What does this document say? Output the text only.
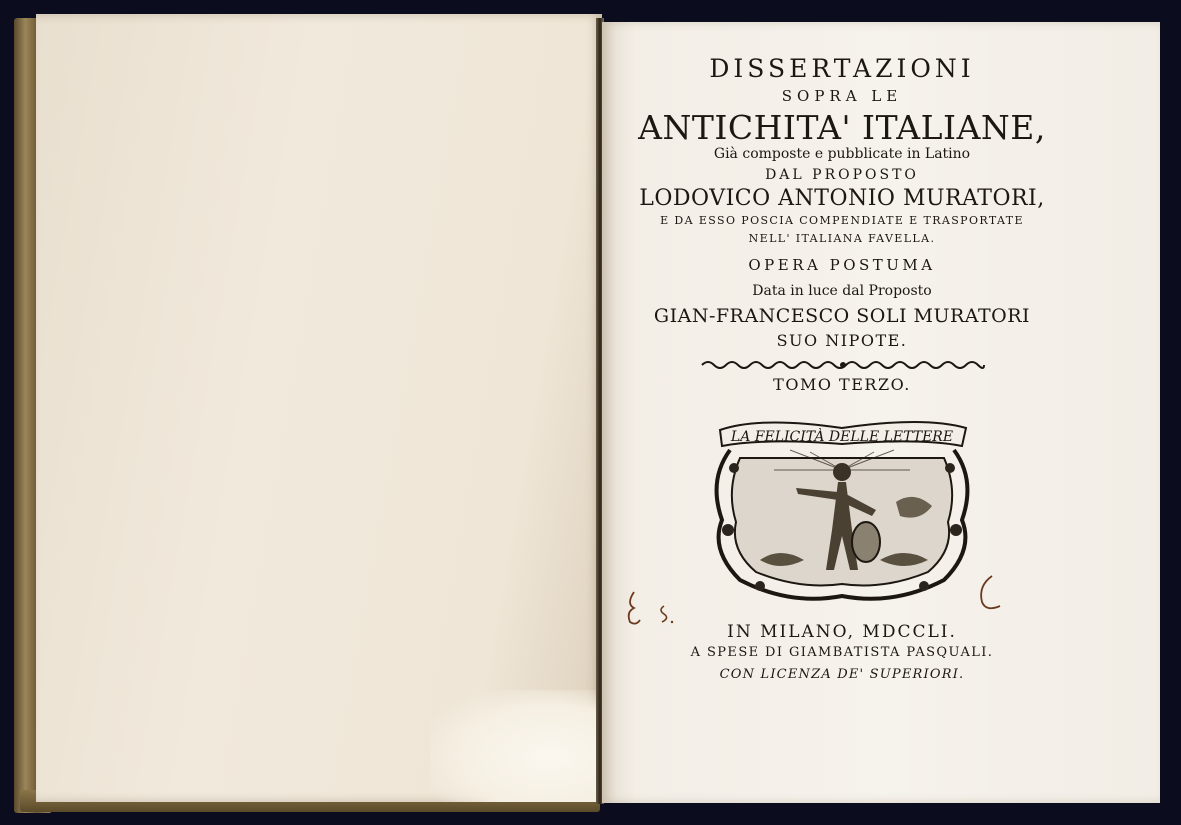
DISSERTAZIONI
SOPRA LE
ANTICHITA' ITALIANE,
Già composte e pubblicate in Latino
DAL PROPOSTO
LODOVICO ANTONIO MURATORI,
E DA ESSO POSCIA COMPENDIATE E TRASPORTATE
NELL' ITALIANA FAVELLA.
OPERA POSTUMA
Data in luce dal Proposto
GIAN-FRANCESCO SOLI MURATORI
SUO NIPOTE.
TOMO TERZO.
LA FELICITÀ DELLE LETTERE
IN MILANO, MDCCLI.
A SPESE DI GIAMBATISTA PASQUALI.
CON LICENZA DE' SUPERIORI.
